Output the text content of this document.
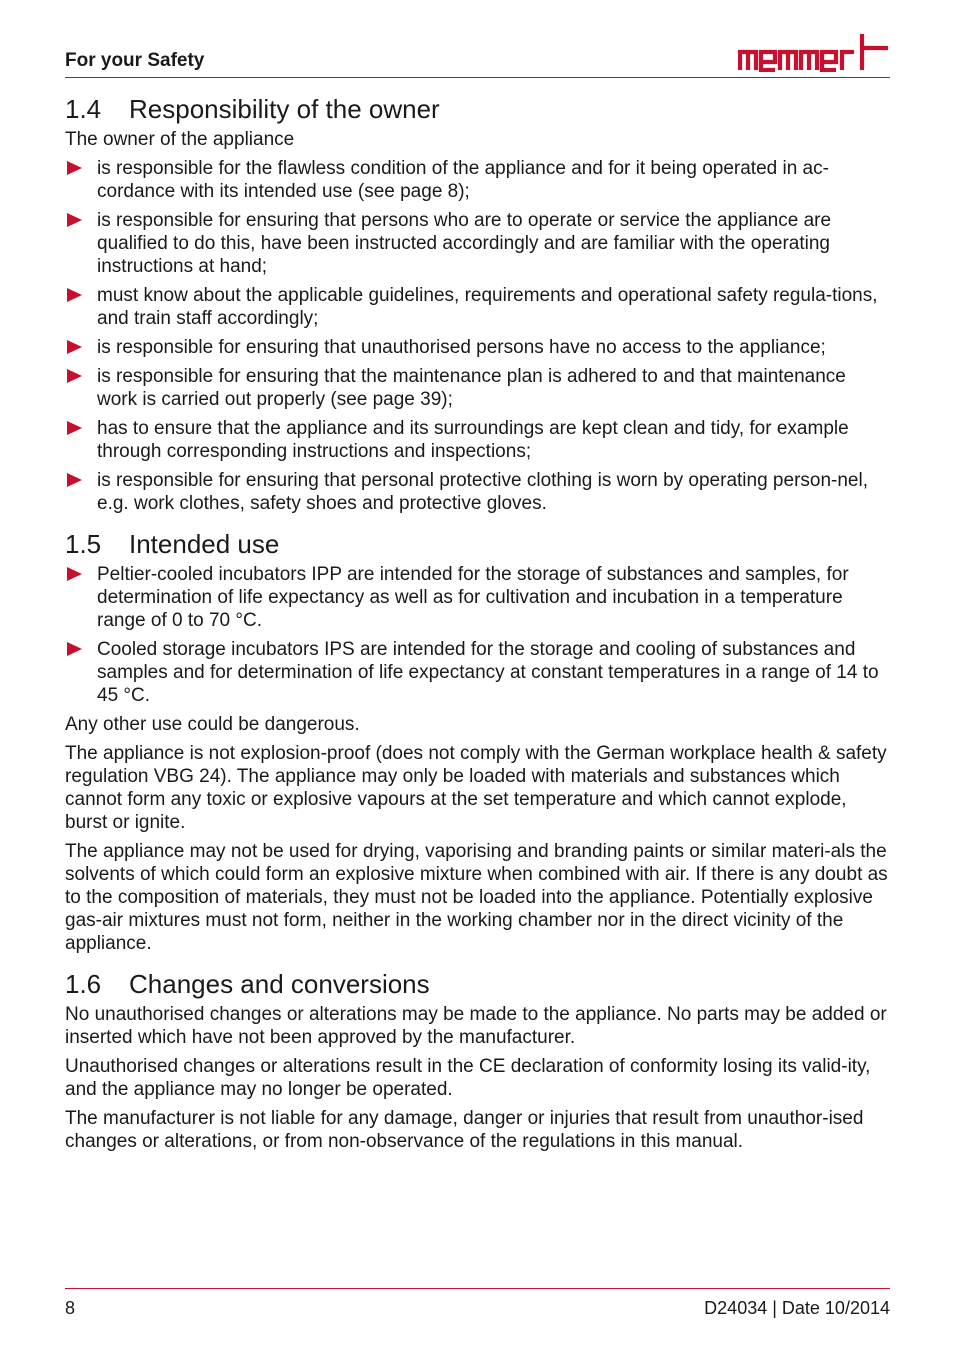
For your Safety
1.4 Responsibility of the owner

The owner of the appliance

is responsible for the flawless condition of the appliance and for it being operated in ac-cordance with its intended use (see page 8);
is responsible for ensuring that persons who are to operate or service the appliance are qualified to do this, have been instructed accordingly and are familiar with the operating instructions at hand;
must know about the applicable guidelines, requirements and operational safety regula-tions, and train staff accordingly;
is responsible for ensuring that unauthorised persons have no access to the appliance;
is responsible for ensuring that the maintenance plan is adhered to and that maintenance work is carried out properly (see page 39);
has to ensure that the appliance and its surroundings are kept clean and tidy, for example through corresponding instructions and inspections;
is responsible for ensuring that personal protective clothing is worn by operating person-nel, e.g. work clothes, safety shoes and protective gloves.
1.5 Intended use
Peltier-cooled incubators IPP are intended for the storage of substances and samples, for determination of life expectancy as well as for cultivation and incubation in a temperature range of 0 to 70 °C.
Cooled storage incubators IPS are intended for the storage and cooling of substances and samples and for determination of life expectancy at constant temperatures in a range of 14 to 45 °C.

Any other use could be dangerous.

The appliance is not explosion-proof (does not comply with the German workplace health & safety regulation VBG 24). The appliance may only be loaded with materials and substances which cannot form any toxic or explosive vapours at the set temperature and which cannot explode, burst or ignite.

The appliance may not be used for drying, vaporising and branding paints or similar materi-als the solvents of which could form an explosive mixture when combined with air. If there is any doubt as to the composition of materials, they must not be loaded into the appliance. Potentially explosive gas-air mixtures must not form, neither in the working chamber nor in the direct vicinity of the appliance.

1.6 Changes and conversions

No unauthorised changes or alterations may be made to the appliance. No parts may be added or inserted which have not been approved by the manufacturer.

Unauthorised changes or alterations result in the CE declaration of conformity losing its valid-ity, and the appliance may no longer be operated.

The manufacturer is not liable for any damage, danger or injuries that result from unauthor-ised changes or alterations, or from non-observance of the regulations in this manual.

8	D24034 | Date 10/2014
